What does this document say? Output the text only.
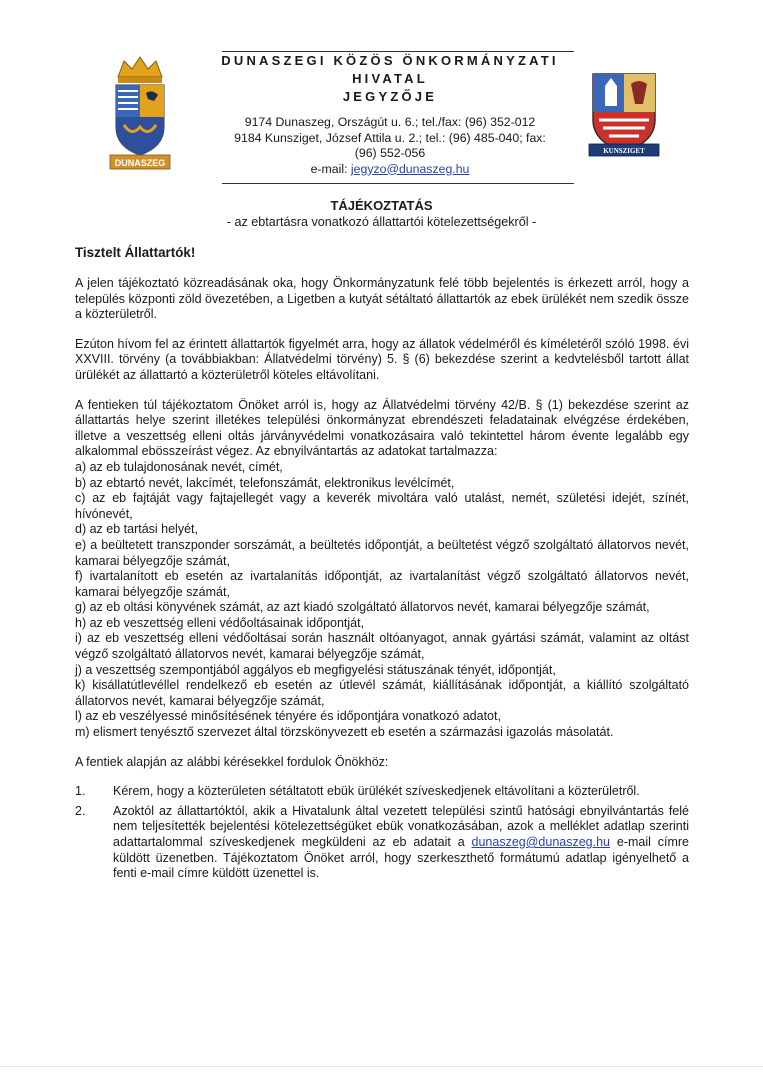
DUNASZEG
KUNSZIGET
DUNASZEGI KÖZÖS ÖNKORMÁNYZATI
HIVATAL
JEGYZŐJE
9174 Dunaszeg, Országút u. 6.; tel./fax: (96) 352-012
9184 Kunsziget, József Attila u. 2.; tel.: (96) 485-040; fax:
(96) 552-056
e-mail: jegyzo@dunaszeg.hu
TÁJÉKOZTATÁS
- az ebtartásra vonatkozó állattartói kötelezettségekről -
Tisztelt Állattartók!

A jelen tájékoztató közreadásának oka, hogy Önkormányzatunk felé több bejelentés is érkezett arról, hogy a település központi zöld övezetében, a Ligetben a kutyát sétáltató állattartók az ebek ürülékét nem szedik össze a közterületről.

Ezúton hívom fel az érintett állattartók figyelmét arra, hogy az állatok védelméről és kíméletéről szóló 1998. évi XXVIII. törvény (a továbbiakban: Állatvédelmi törvény) 5. § (6) bekezdése szerint a kedvtelésből tartott állat ürülékét az állattartó a közterületről köteles eltávolítani.

A fentieken túl tájékoztatom Önöket arról is, hogy az Állatvédelmi törvény 42/B. § (1) bekezdése szerint az állattartás helye szerint illetékes települési önkormányzat ebrendészeti feladatainak elvégzése érdekében, illetve a veszettség elleni oltás járványvédelmi vonatkozásaira való tekintettel három évente legalább egy alkalommal ebösszeírást végez. Az ebnyilvántartás az adatokat tartalmazza:
a) az eb tulajdonosának nevét, címét,
b) az ebtartó nevét, lakcímét, telefonszámát, elektronikus levélcímét,
c) az eb fajtáját vagy fajtajellegét vagy a keverék mivoltára való utalást, nemét, születési idejét, színét, hívónevét,
d) az eb tartási helyét,
e) a beültetett transzponder sorszámát, a beültetés időpontját, a beültetést végző szolgáltató állatorvos nevét, kamarai bélyegzője számát,
f) ivartalanított eb esetén az ivartalanítás időpontját, az ivartalanítást végző szolgáltató állatorvos nevét, kamarai bélyegzője számát,
g) az eb oltási könyvének számát, az azt kiadó szolgáltató állatorvos nevét, kamarai bélyegzője számát,
h) az eb veszettség elleni védőoltásainak időpontját,
i) az eb veszettség elleni védőoltásai során használt oltóanyagot, annak gyártási számát, valamint az oltást végző szolgáltató állatorvos nevét, kamarai bélyegzője számát,
j) a veszettség szempontjából aggályos eb megfigyelési státuszának tényét, időpontját,
k) kisállatútlevéllel rendelkező eb esetén az útlevél számát, kiállításának időpontját, a kiállító szolgáltató állatorvos nevét, kamarai bélyegzője számát,
l) az eb veszélyessé minősítésének tényére és időpontjára vonatkozó adatot,
m) elismert tenyésztő szervezet által törzskönyvezett eb esetén a származási igazolás másolatát.

A fentiek alapján az alábbi kérésekkel fordulok Önökhöz:

1. Kérem, hogy a közterületen sétáltatott ebük ürülékét szíveskedjenek eltávolítani a közterületről.
2. Azoktól az állattartóktól, akik a Hivatalunk által vezetett települési szintű hatósági ebnyilvántartás felé nem teljesítették bejelentési kötelezettségüket ebük vonatkozásában, azok a melléklet adatlap szerinti adattartalommal szíveskedjenek megküldeni az eb adatait a dunaszeg@dunaszeg.hu e-mail címre küldött üzenetben. Tájékoztatom Önöket arról, hogy szerkeszthető formátumú adatlap igényelhető a fenti e-mail címre küldött üzenettel is.
